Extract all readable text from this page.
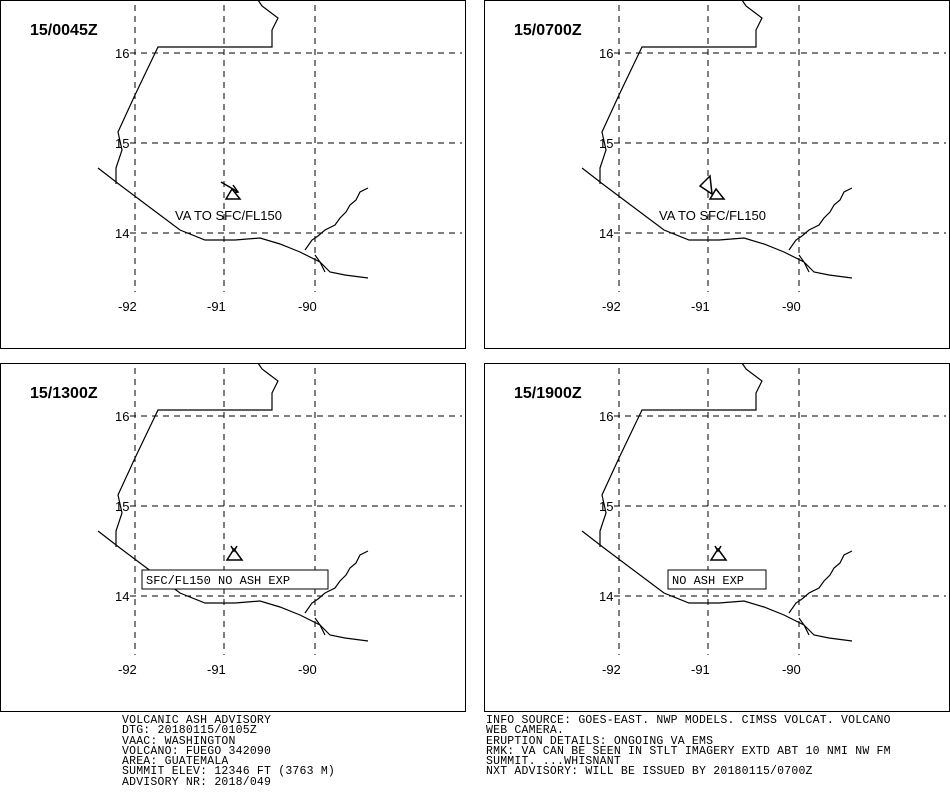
15/0045Z
VA TO SFC/FL150
16
15
14
-92	-91	-90
15/0700Z
VA TO SFC/FL150
16
15
14
-92	-91	-90
SFC/FL150 NO ASH EXP
15/1300Z
16
15
14
-92	-91	-90
NO ASH EXP
15/1900Z
16
15
14
-92	-91	-90
VOLCANIC ASH ADVISORY
DTG: 20180115/0105Z
VAAC: WASHINGTON
VOLCANO: FUEGO 342090
AREA: GUATEMALA
SUMMIT ELEV: 12346 FT (3763 M)
ADVISORY NR: 2018/049
INFO SOURCE: GOES-EAST. NWP MODELS. CIMSS VOLCAT. VOLCANO
WEB CAMERA.
ERUPTION DETAILS: ONGOING VA EMS
RMK: VA CAN BE SEEN IN STLT IMAGERY EXTD ABT 10 NMI NW FM
SUMMIT. ...WHISNANT
NXT ADVISORY: WILL BE ISSUED BY 20180115/0700Z
